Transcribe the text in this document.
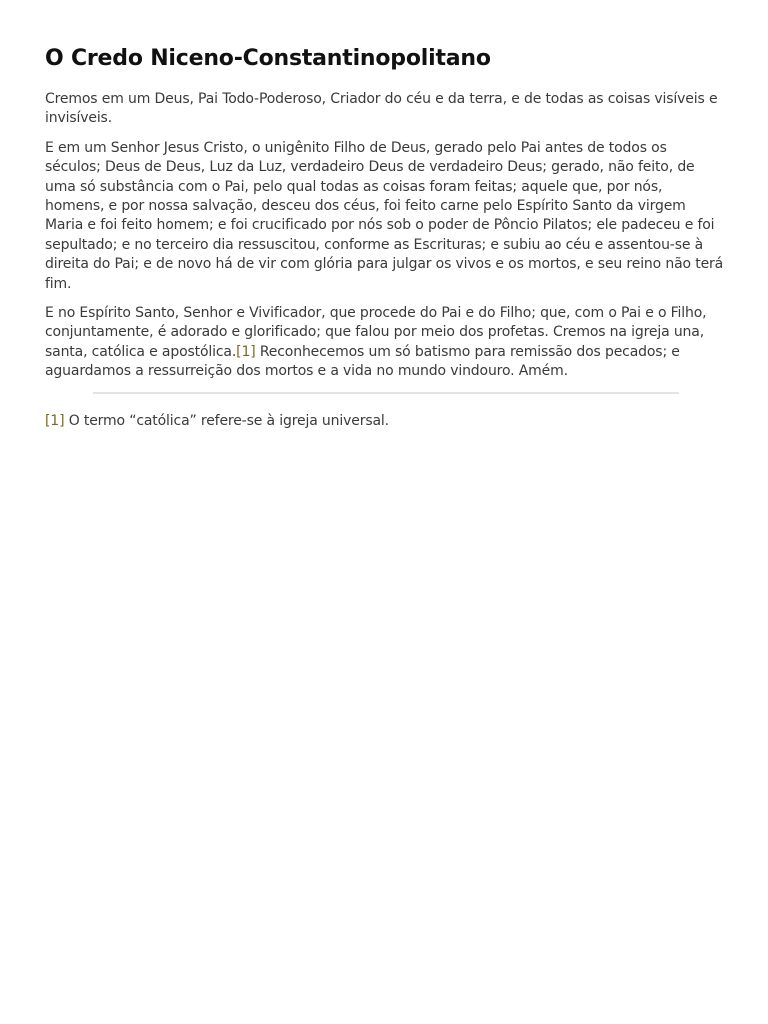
O Credo Niceno-Constantinopolitano

Cremos em um Deus, Pai Todo-Poderoso, Criador do céu e da terra, e de todas as coisas visíveis e invisíveis.

E em um Senhor Jesus Cristo, o unigênito Filho de Deus, gerado pelo Pai antes de todos os séculos; Deus de Deus, Luz da Luz, verdadeiro Deus de verdadeiro Deus; gerado, não feito, de uma só substância com o Pai, pelo qual todas as coisas foram feitas; aquele que, por nós, homens, e por nossa salvação, desceu dos céus, foi feito carne pelo Espírito Santo da virgem Maria e foi feito homem; e foi crucificado por nós sob o poder de Pôncio Pilatos; ele padeceu e foi sepultado; e no terceiro dia ressuscitou, conforme as Escrituras; e subiu ao céu e assentou-se à direita do Pai; e de novo há de vir com glória para julgar os vivos e os mortos, e seu reino não terá fim.

E no Espírito Santo, Senhor e Vivificador, que procede do Pai e do Filho; que, com o Pai e o Filho, conjuntamente, é adorado e glorificado; que falou por meio dos profetas. Cremos na igreja una, santa, católica e apostólica.[1] Reconhecemos um só batismo para remissão dos pecados; e aguardamos a ressurreição dos mortos e a vida no mundo vindouro. Amém.

[1] O termo “católica” refere-se à igreja universal.
